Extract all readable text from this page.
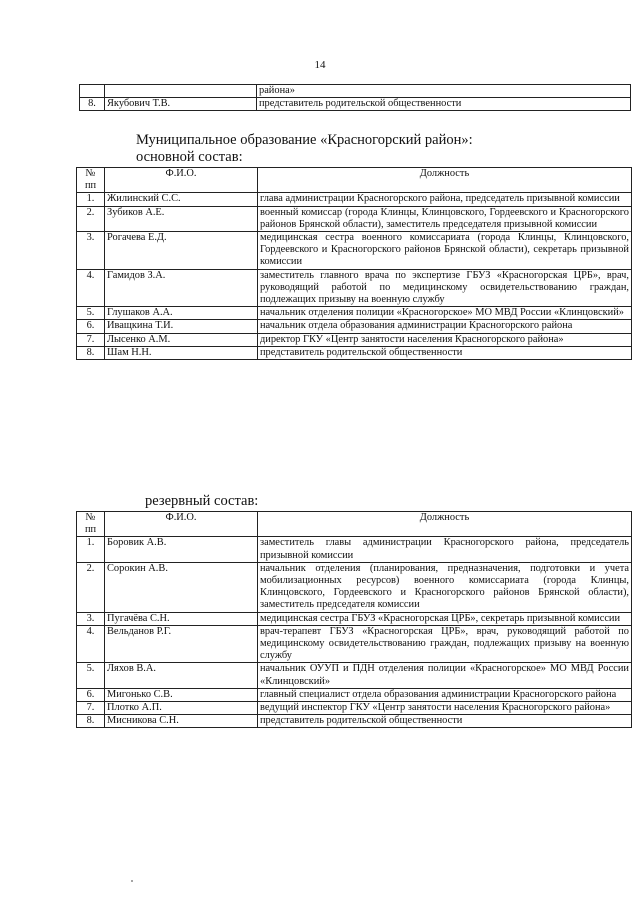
14
		района»
8.	Якубович Т.В.	представитель родительской общественности
Муниципальное образование «Красногорский район»:
основной состав:
№ пп	Ф.И.О.	Должность
1.	Жилинский С.С.	глава администрации Красногорского района, председатель призывной комиссии
2.	Зубиков А.Е.	военный комиссар (города Клинцы, Клинцовского, Гордеевского и Красногорского районов Брянской области), заместитель председателя призывной комиссии
3.	Рогачева Е.Д.	медицинская сестра военного комиссариата (города Клинцы, Клинцовского, Гордеевского и Красногорского районов Брянской области), секретарь призывной комиссии
4.	Гамидов З.А.	заместитель главного врача по экспертизе ГБУЗ «Красногорская ЦРБ», врач, руководящий работой по медицинскому освидетельствованию граждан, подлежащих призыву на военную службу
5.	Глушаков А.А.	начальник отделения полиции «Красногорское» МО МВД России «Клинцовский»
6.	Иващкина Т.И.	начальник отдела образования администрации Красногорского района
7.	Лысенко А.М.	директор ГКУ «Центр занятости населения Красногорского района»
8.	Шам Н.Н.	представитель родительской общественности
резервный состав:
№ пп	Ф.И.О.	Должность
1.	Боровик А.В.	заместитель главы администрации Красногорского района, председатель призывной комиссии
2.	Сорокин А.В.	начальник отделения (планирования, предназначения, подготовки и учета мобилизационных ресурсов) военного комиссариата (города Клинцы, Клинцовского, Гордеевского и Красногорского районов Брянской области), заместитель председателя комиссии
3.	Пугачёва С.Н.	медицинская сестра ГБУЗ «Красногорская ЦРБ», секретарь призывной комиссии
4.	Вельданов Р.Г.	врач-терапевт ГБУЗ «Красногорская ЦРБ», врач, руководящий работой по медицинскому освидетельствованию граждан, подлежащих призыву на военную службу
5.	Ляхов В.А.	начальник ОУУП и ПДН отделения полиции «Красногорское» МО МВД России «Клинцовский»
6.	Мигонько С.В.	главный специалист отдела образования администрации Красногорского района
7.	Плотко А.П.	ведущий инспектор ГКУ «Центр занятости населения Красногорского района»
8.	Мисникова С.Н.	представитель родительской общественности
